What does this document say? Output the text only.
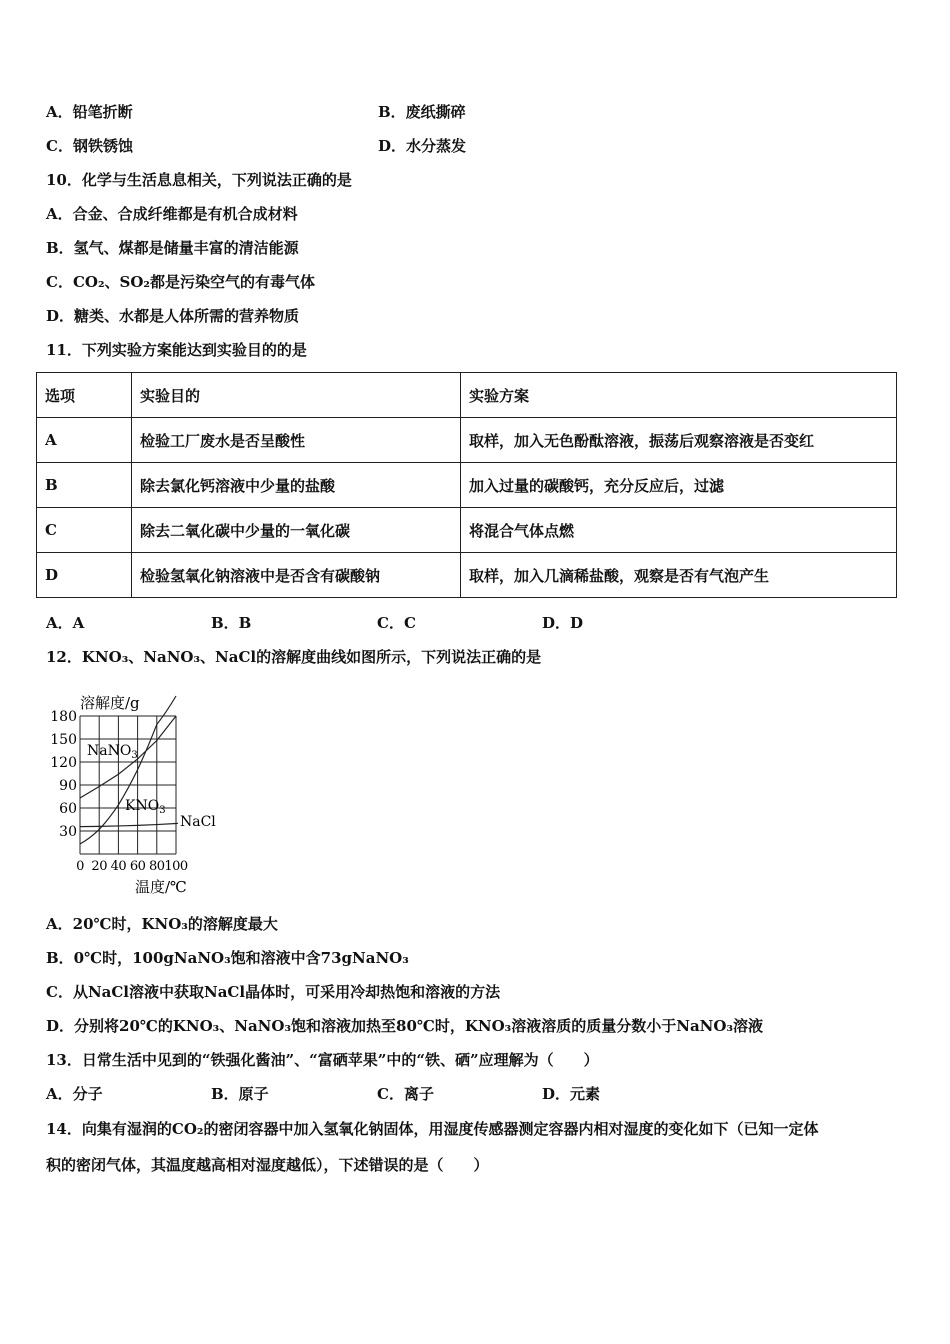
A．铅笔折断	B．废纸撕碎
C．钢铁锈蚀	D．水分蒸发
10．化学与生活息息相关，下列说法正确的是
A．合金、合成纤维都是有机合成材料
B．氢气、煤都是储量丰富的清洁能源
C．CO₂、SO₂都是污染空气的有毒气体
D．糖类、水都是人体所需的营养物质
11．下列实验方案能达到实验目的的是
选项	实验目的	实验方案
A	检验工厂废水是否呈酸性	取样，加入无色酚酞溶液，振荡后观察溶液是否变红
B	除去氯化钙溶液中少量的盐酸	加入过量的碳酸钙，充分反应后，过滤
C	除去二氧化碳中少量的一氧化碳	将混合气体点燃
D	检验氢氧化钠溶液中是否含有碳酸钠	取样，加入几滴稀盐酸，观察是否有气泡产生
A．A	B．B	C．C	D．D
12．KNO₃、NaNO₃、NaCl的溶解度曲线如图所示，下列说法正确的是
30
60
90
120
150
180
0 20 40 60 80 100
溶解度/g
温度/℃
NaNO$_3$
$KNO_3$
NaCl
A．20℃时，KNO₃的溶解度最大
B．0℃时，100gNaNO₃饱和溶液中含73gNaNO₃
C．从NaCl溶液中获取NaCl晶体时，可采用冷却热饱和溶液的方法
D．分别将20℃的KNO₃、NaNO₃饱和溶液加热至80℃时，KNO₃溶液溶质的质量分数小于NaNO₃溶液
13．日常生活中见到的“铁强化酱油”、“富硒苹果”中的“铁、硒”应理解为（　　）
A．分子	B．原子	C．离子	D．元素
14．向集有湿润的CO₂的密闭容器中加入氢氧化钠固体，用湿度传感器测定容器内相对湿度的变化如下（已知一定体
积的密闭气体，其温度越高相对湿度越低），下述错误的是（　　）
